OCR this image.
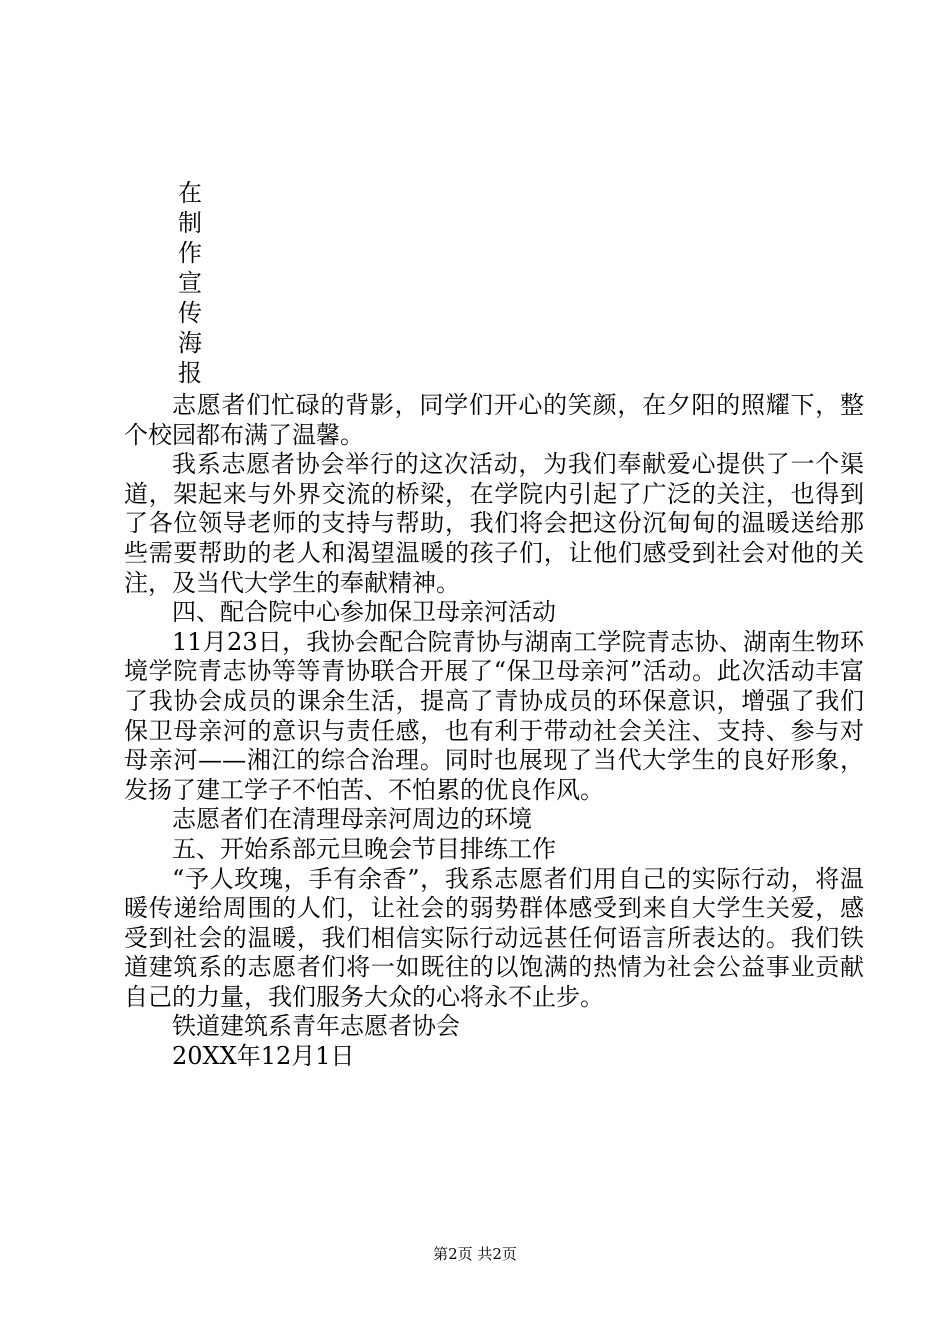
在
制
作
宣
传
海
报

志愿者们忙碌的背影，同学们开心的笑颜，在夕阳的照耀下，整个校园都布满了温馨。

我系志愿者协会举行的这次活动，为我们奉献爱心提供了一个渠道，架起来与外界交流的桥梁，在学院内引起了广泛的关注，也得到了各位领导老师的支持与帮助，我们将会把这份沉甸甸的温暖送给那些需要帮助的老人和渴望温暖的孩子们，让他们感受到社会对他的关注，及当代大学生的奉献精神。

四、配合院中心参加保卫母亲河活动

11月23日，我协会配合院青协与湖南工学院青志协、湖南生物环境学院青志协等等青协联合开展了“保卫母亲河”活动。此次活动丰富了我协会成员的课余生活，提高了青协成员的环保意识，增强了我们保卫母亲河的意识与责任感，也有利于带动社会关注、支持、参与对母亲河——湘江的综合治理。同时也展现了当代大学生的良好形象，发扬了建工学子不怕苦、不怕累的优良作风。

志愿者们在清理母亲河周边的环境

五、开始系部元旦晚会节目排练工作

“予人玫瑰，手有余香”，我系志愿者们用自己的实际行动，将温暖传递给周围的人们，让社会的弱势群体感受到来自大学生关爱，感受到社会的温暖，我们相信实际行动远甚任何语言所表达的。我们铁道建筑系的志愿者们将一如既往的以饱满的热情为社会公益事业贡献自己的力量，我们服务大众的心将永不止步。

铁道建筑系青年志愿者协会

20XX年12月1日

第2页 共2页
